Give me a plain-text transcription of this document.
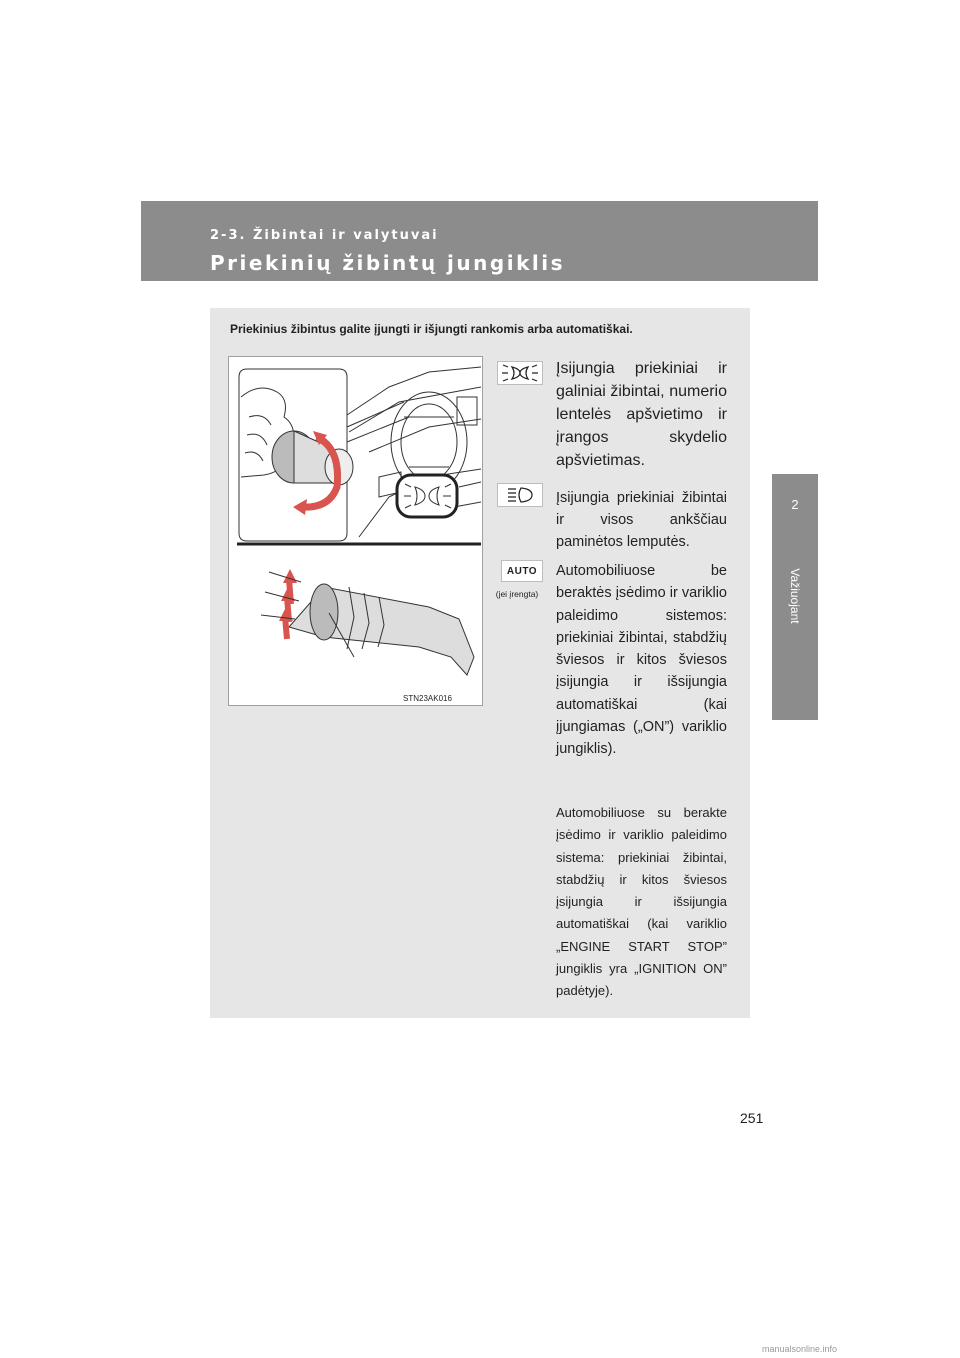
2-3. Žibintai ir valytuvai
Priekinių žibintų jungiklis
2
Važiuojant
Priekinius žibintus galite įjungti ir išjungti rankomis arba automatiškai.
STN23AK016
Įsijungia priekiniai ir galiniai žibintai, numerio lentelės apšvietimo ir įrangos skydelio apšvietimas.
Įsijungia priekiniai žibintai ir visos ankščiau paminėtos lemputės.
AUTO
(jei įrengta)
Automobiliuose be beraktės įsėdimo ir variklio paleidimo sistemos: priekiniai žibintai, stabdžių šviesos ir kitos šviesos įsijungia ir išsijungia automatiškai (kai įjungiamas („ON”) variklio jungiklis).
Automobiliuose su berakte įsėdimo ir variklio paleidimo sistema: priekiniai žibintai, stabdžių ir kitos šviesos įsijungia ir išsijungia automatiškai (kai variklio „ENGINE START STOP” jungiklis yra „IGNITION ON” padėtyje).
251
manualsonline.info
